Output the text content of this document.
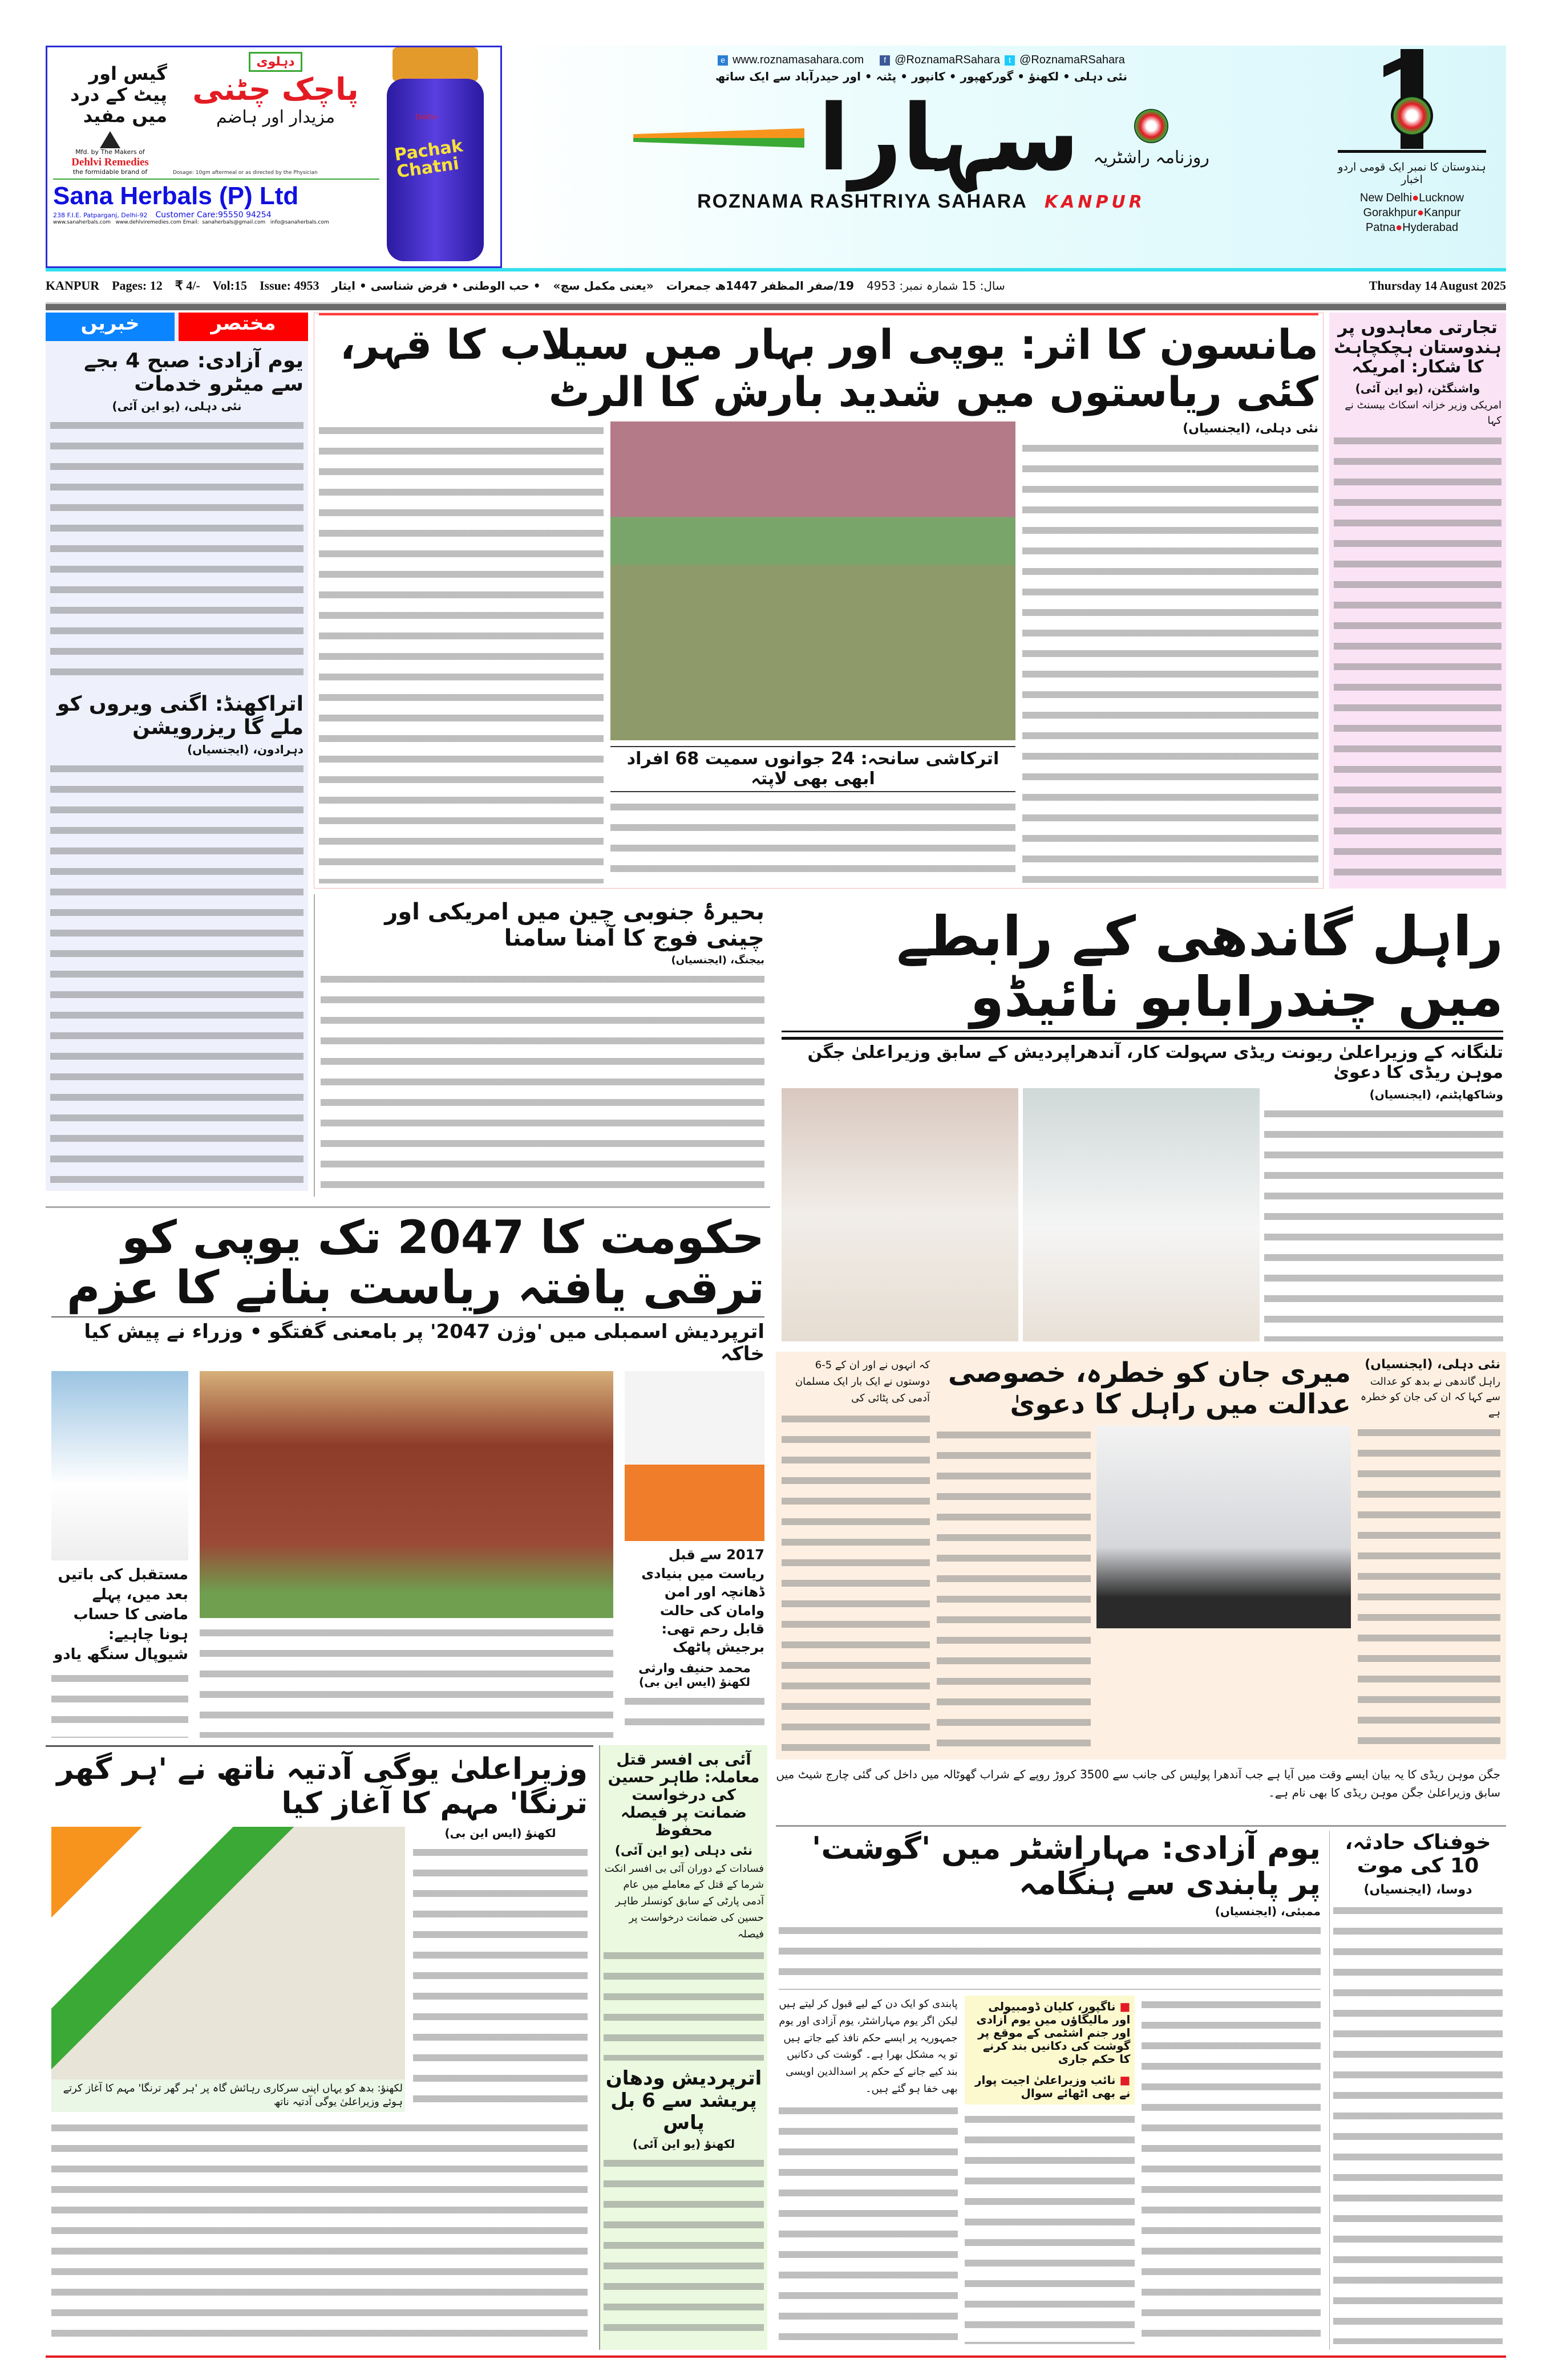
گیس اور پیٹ کے درد میں مفید
دہلوی
پاچک چٹنی
مزیدار اور ہاضم
Mfd. by The Makers of
Dehlvi Remedies
the formidable brand of	Dosage: 10gm aftermeal or as directed by the Physician
Sana Herbals (P) Ltd
238 F.I.E. Patparganj, Delhi-92 Customer Care:95550 94254
www.sanaherbals.com   www.dehlviremedies.com Email:  sanaherbals@gmail.com   info@sanaherbals.com
Dehlvi
Pachak Chatni
e www.roznamasahara.com	f @RoznamaRSahara	t @RoznamaRSahara
نئی دہلی • لکھنؤ • گورکھپور • کانپور • پٹنہ • اور حیدرآباد سے ایک ساتھ
سہارا روزنامہ راشٹریہ
ROZNAMA RASHTRIYA SAHARA KANPUR
ہندوستان کا نمبر ایک قومی اردو اخبار
New Delhi●Lucknow
Gorakhpur●Kanpur
Patna●Hyderabad
KANPUR Pages: 12 ₹ 4/- Vol:15 Issue: 4953 • حب الوطنی • فرض شناسی • ایثار «یعنی مکمل سچ» 19/صفر المظفر 1447ھ جمعرات سال: 15 شمارہ نمبر: 4953	Thursday 14 August 2025
خبریں	مختصر
یوم آزادی: صبح 4 بجے سے میٹرو خدمات
نئی دہلی، (یو این آئی)
اتراکھنڈ: اگنی ویروں کو ملے گا ریزرویشن
دہرادون، (ایجنسیاں)
مانسون کا اثر: یوپی اور بہار میں سیلاب کا قہر، کئی ریاستوں میں شدید بارش کا الرٹ
اترکاشی سانحہ: 24 جوانوں سمیت 68 افراد ابھی بھی لاپتہ
نئی دہلی، (ایجنسیاں)
تجارتی معاہدوں پر ہندوستان ہچکچاہٹ کا شکار: امریکہ
واشنگٹن، (یو این آئی)
امریکی وزیر خزانہ اسکاٹ بیسنٹ نے کہا
بحیرۂ جنوبی چین میں امریکی اور چینی فوج کا آمنا سامنا
بیجنگ، (ایجنسیاں)	راہل گاندھی کے رابطے میں چندرابابو نائیڈو
تلنگانہ کے وزیراعلیٰ ریونت ریڈی سہولت کار، آندھراپردیش کے سابق وزیراعلیٰ جگن موہن ریڈی کا دعویٰ
وشاکھاپٹنم، (ایجنسیاں)
حکومت کا 2047 تک یوپی کو ترقی یافتہ ریاست بنانے کا عزم
اترپردیش اسمبلی میں 'وژن 2047' پر بامعنی گفتگو • وزراء نے پیش کیا خاکہ
مستقبل کی باتیں بعد میں، پہلے ماضی کا حساب ہونا چاہیے: شیوپال سنگھ یادو
2017 سے قبل ریاست میں بنیادی ڈھانچہ اور امن وامان کی حالت قابل رحم تھی: برجیش پاٹھک
محمد حنیف وارثی
لکھنؤ (ایس این بی)
کہ انہوں نے اور ان کے 5-6 دوستوں نے ایک بار ایک مسلمان آدمی کی پٹائی کی
میری جان کو خطرہ، خصوصی عدالت میں راہل کا دعویٰ
نئی دہلی، (ایجنسیاں)
راہل گاندھی نے بدھ کو عدالت سے کہا کہ ان کی جان کو خطرہ ہے
جگن موہن ریڈی کا یہ بیان ایسے وقت میں آیا ہے جب آندھرا پولیس کی جانب سے 3500 کروڑ روپے کے شراب گھوٹالہ میں داخل کی گئی چارج شیٹ میں سابق وزیراعلیٰ جگن موہن ریڈی کا بھی نام ہے۔
وزیراعلیٰ یوگی آدتیہ ناتھ نے 'ہر گھر ترنگا' مہم کا آغاز کیا
لکھنؤ: بدھ کو یہاں اپنی سرکاری رہائش گاہ پر 'ہر گھر ترنگا' مہم کا آغاز کرتے ہوئے وزیراعلیٰ یوگی آدتیہ ناتھ
لکھنؤ (ایس این بی)
آئی بی افسر قتل معاملہ: طاہر حسین کی درخواست ضمانت پر فیصلہ محفوظ
نئی دہلی (یو این آئی)
فسادات کے دوران آئی بی افسر انکت شرما کے قتل کے معاملے میں عام آدمی پارٹی کے سابق کونسلر طاہر حسین کی ضمانت درخواست پر فیصلہ
اترپردیش ودھان پریشد سے 6 بل پاس
لکھنؤ (یو این آئی)
یوم آزادی: مہاراشٹر میں 'گوشت' پر پابندی سے ہنگامہ
ممبئی، (ایجنسیاں)
پابندی کو ایک دن کے لیے قبول کر لیتے ہیں لیکن اگر یوم مہاراشٹر، یوم آزادی اور یوم جمہوریہ پر ایسے حکم نافذ کیے جاتے ہیں تو یہ مشکل بھرا ہے۔ گوشت کی دکانیں بند کیے جانے کے حکم پر اسدالدین اویسی بھی خفا ہو گئے ہیں۔
■ ناگپور، کلیان ڈومبیولی اور مالیگاؤں میں یوم آزادی اور جنم اشٹمی کے موقع پر گوشت کی دکانیں بند کرنے کا حکم جاری
■ نائب وزیراعلیٰ اجیت پوار نے بھی اٹھائے سوال
خوفناک حادثہ، 10 کی موت
دوسا، (ایجنسیاں)
